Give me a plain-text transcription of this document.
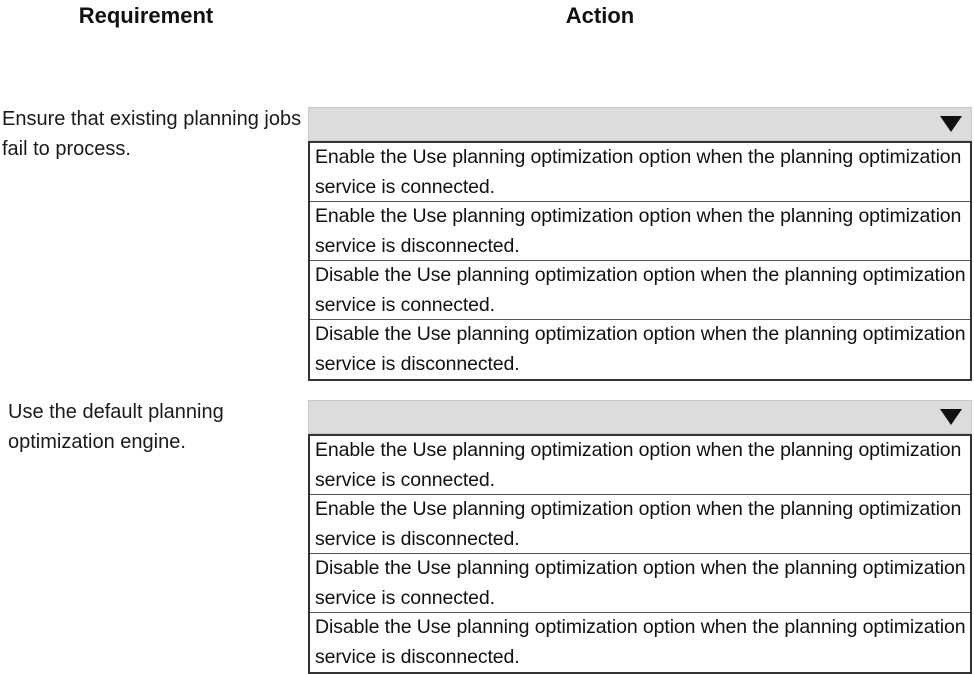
Requirement	Action
Ensure that existing planning jobs fail to process.	Enable the Use planning optimization option when the planning optimization service is connected.
Enable the Use planning optimization option when the planning optimization service is disconnected.
Disable the Use planning optimization option when the planning optimization service is connected.
Disable the Use planning optimization option when the planning optimization service is disconnected.
Use the default planning optimization engine.	Enable the Use planning optimization option when the planning optimization service is connected.
Enable the Use planning optimization option when the planning optimization service is disconnected.
Disable the Use planning optimization option when the planning optimization service is connected.
Disable the Use planning optimization option when the planning optimization service is disconnected.
